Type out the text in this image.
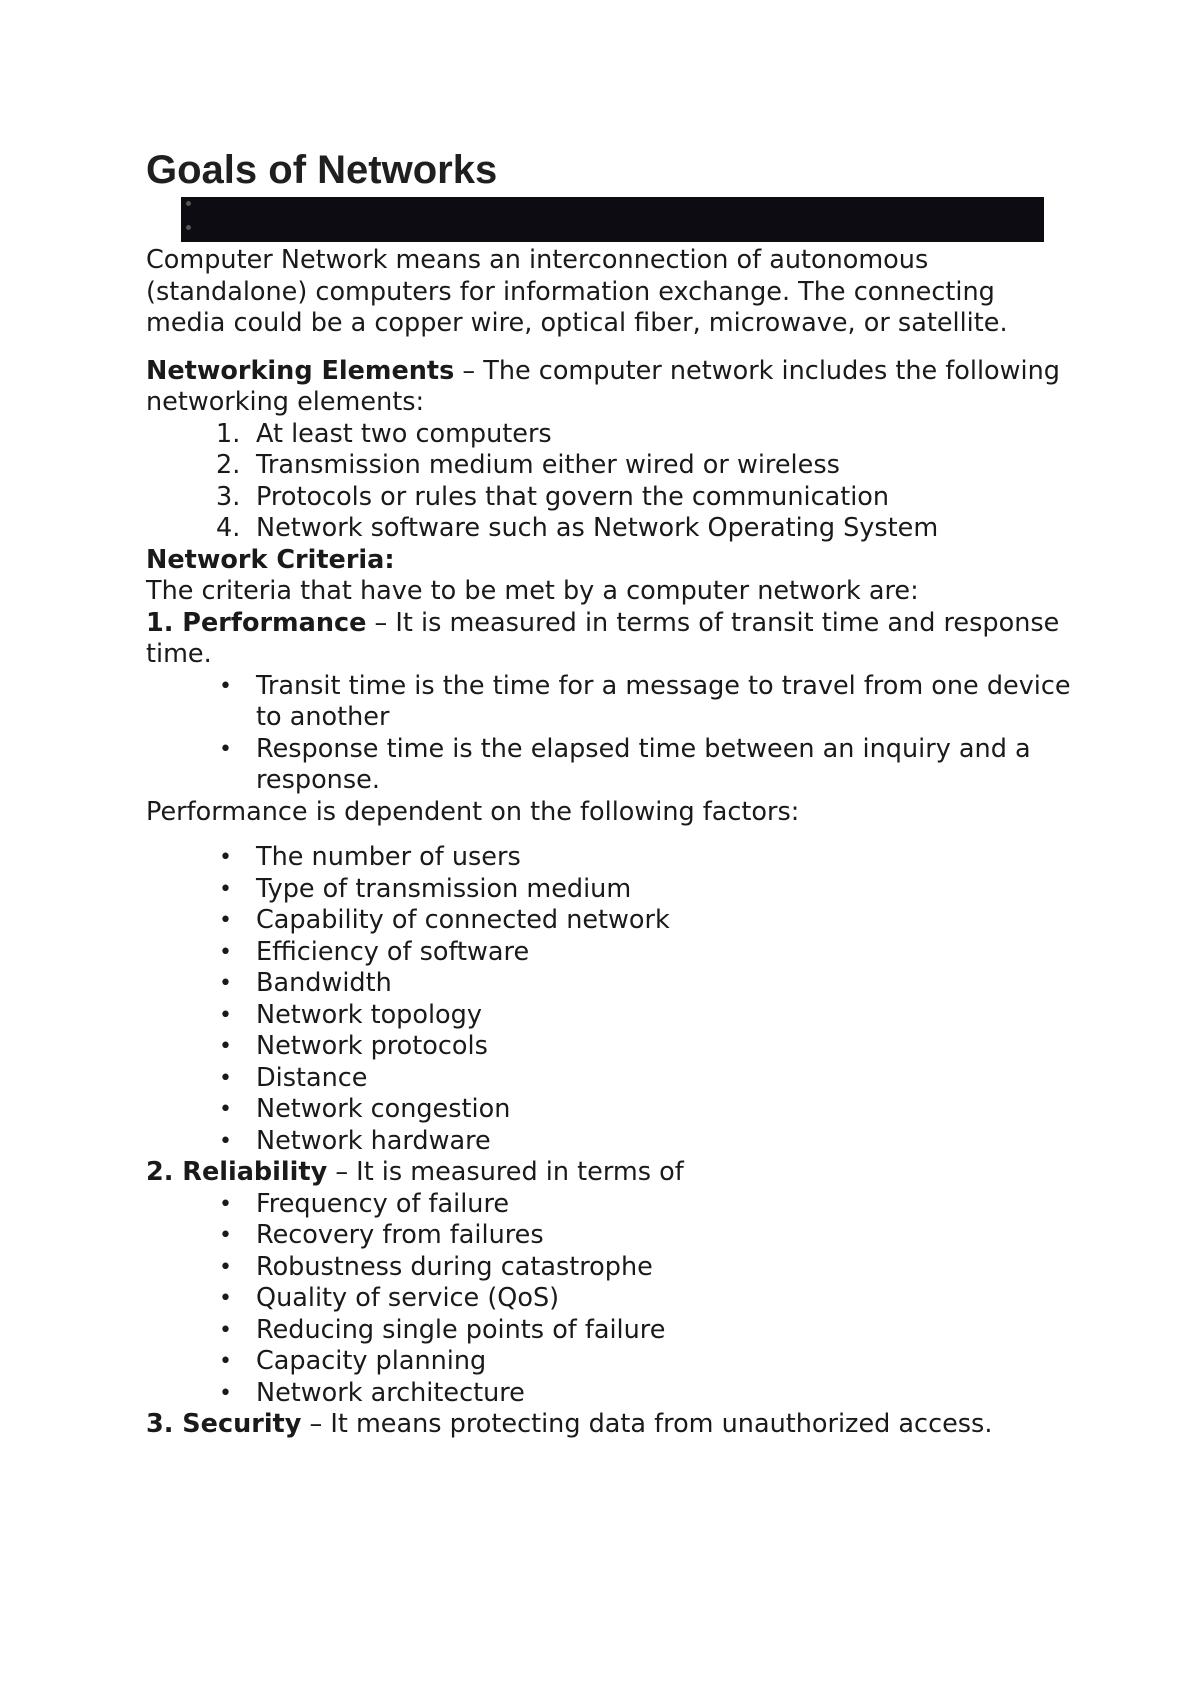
Goals of Networks

Computer Network means an interconnection of autonomous (standalone) computers for information exchange. The connecting media could be a copper wire, optical fiber, microwave, or satellite.

Networking Elements – The computer network includes the following networking elements:

1. At least two computers
2. Transmission medium either wired or wireless
3. Protocols or rules that govern the communication
4. Network software such as Network Operating System

Network Criteria:

The criteria that have to be met by a computer network are:

1. Performance – It is measured in terms of transit time and response time.

• Transit time is the time for a message to travel from one device to another
• Response time is the elapsed time between an inquiry and a response.

Performance is dependent on the following factors:

• The number of users
• Type of transmission medium
• Capability of connected network
• Efficiency of software
• Bandwidth
• Network topology
• Network protocols
• Distance
• Network congestion
• Network hardware

2. Reliability – It is measured in terms of

• Frequency of failure
• Recovery from failures
• Robustness during catastrophe
• Quality of service (QoS)
• Reducing single points of failure
• Capacity planning
• Network architecture

3. Security – It means protecting data from unauthorized access.
